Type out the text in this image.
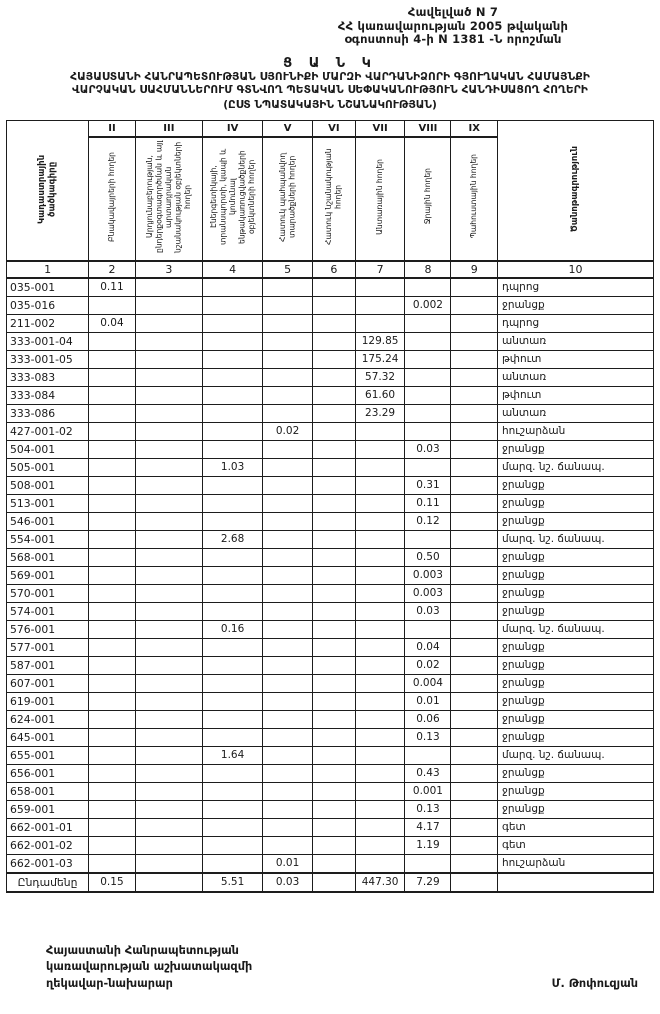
Հավելված N 7
ՀՀ կառավարության 2005 թվականի
օգոստոսի 4-ի N 1381 -Ն որոշման
Ց Ա Ն Կ
ՀԱՅԱՍՏԱՆԻ ՀԱՆՐԱՊԵՏՈՒԹՅԱՆ ՍՅՈՒՆԻՔԻ ՄԱՐԶԻ ՎԱՐԴԱՆԻՁՈՐԻ ԳՅՈՒՂԱԿԱՆ ՀԱՄԱՅՆՔԻ
ՎԱՐՉԱԿԱՆ ՍԱՀՄԱՆՆԵՐՈՒՄ ԳՏՆՎՈՂ ՊԵՏԱԿԱՆ ՍԵՓԱԿԱՆՈՒԹՅՈՒՆ ՀԱՆԴԻՍԱՑՈՂ ՀՈՂԵՐԻ
(ԸՍՏ ՆՊԱՏԱԿԱՅԻՆ ՆՇԱՆԱԿՈՒԹՅԱՆ)
Կադաստրային ծածկագիրը	II	III	IV	V	VI	VII	VIII	IX	Ծանոթագրություն
	Բնակավայրերի հողեր	Արդյունաբերության, ընդերքօգտագործման և այլ արտադրական նշանակության օբյեկտների հողեր	Էներգետիկայի, տրանսպորտի, կապի և կոմունալ ենթակառուցվածքների օբյեկտների հողեր	Հատուկ պահպանվող տարածքների հողեր	Հատուկ նշանակության հողեր	Անտառային հողեր	Ջրային հողեր	Պահուստային հողեր	
1	2	3	4	5	6	7	8	9	10
035-001	0.11								դպրոց
035-016							0.002		ջրանցք
211-002	0.04								դպրոց
333-001-04						129.85			անտառ
333-001-05						175.24			թփուտ
333-083						57.32			անտառ
333-084						61.60			թփուտ
333-086						23.29			անտառ
427-001-02				0.02					հուշարձան
504-001							0.03		ջրանցք
505-001			1.03						մարզ. նշ. ճանապ.
508-001							0.31		ջրանցք
513-001							0.11		ջրանցք
546-001							0.12		ջրանցք
554-001			2.68						մարզ. նշ. ճանապ.
568-001							0.50		ջրանցք
569-001							0.003		ջրանցք
570-001							0.003		ջրանցք
574-001							0.03		ջրանցք
576-001			0.16						մարզ. նշ. ճանապ.
577-001							0.04		ջրանցք
587-001							0.02		ջրանցք
607-001							0.004		ջրանցք
619-001							0.01		ջրանցք
624-001							0.06		ջրանցք
645-001							0.13		ջրանցք
655-001			1.64						մարզ. նշ. ճանապ.
656-001							0.43		ջրանցք
658-001							0.001		ջրանցք
659-001							0.13		ջրանցք
662-001-01							4.17		գետ
662-001-02							1.19		գետ
662-001-03				0.01					հուշարձան
Ընդամենը	0.15		5.51	0.03		447.30	7.29		
Հայաստանի Հանրապետության
կառավարության աշխատակազմի
ղեկավար-նախարար	Մ. Թոփուզյան
